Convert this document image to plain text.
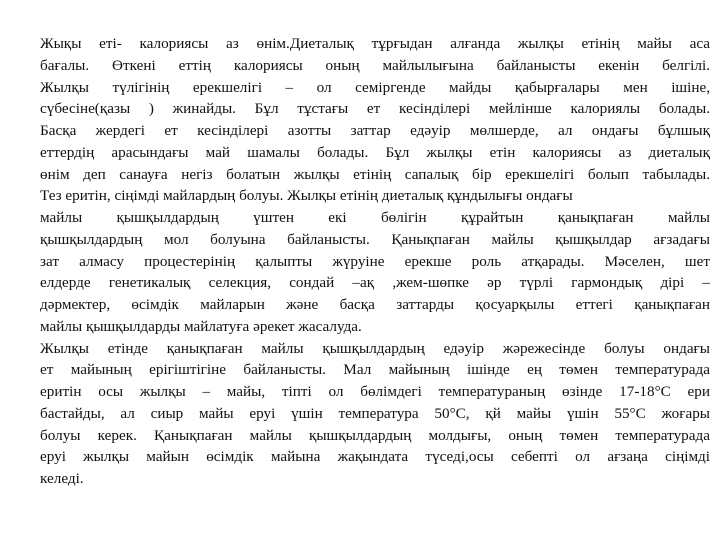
Жықы еті- калориясы аз өнім.Диеталық тұрғыдан алғанда жылқы етінің майы аса
бағалы. Өткені еттің калориясы оның майлылығына байланысты екенін белгілі.
Жылқы түлігінің ерекшелігі – ол семіргенде майды қабырғалары мен ішіне,
сүбесіне(қазы ) жинайды. Бұл тұстағы ет кесінділері мейлінше калориялы болады.
Басқа жердегі ет кесінділері азотты заттар едәуір мөлшерде, ал ондағы бұлшық
еттердің арасындағы май шамалы болады. Бұл жылқы етін калориясы аз диеталық
өнім деп санауға негіз болатын жылқы етінің сапалық бір ерекшелігі болып табылады.
Тез еритін, сіңімді майлардың болуы. Жылқы етінің диеталық құндылығы ондағы
майлы қышқылдардың үштен екі бөлігін құрайтын қанықпаған майлы
қышқылдардың мол болуына байланысты. Қанықпаған майлы қышқылдар ағзадағы
зат алмасу процестерінің қалыпты жүруіне ерекше роль атқарады. Мәселен, шет
елдерде генетикалық селекция, сондай –ақ ,жем-шөпке әр түрлі гармондық дірі –
дәрмектер, өсімдік майларын және басқа заттарды қосуарқылы еттегі қанықпаған
майлы қышқылдарды майлатуға әрекет жасалуда.
Жылқы етінде қанықпаған майлы қышқылдардың едәуір жәрежесінде болуы ондағы
ет майының ерігіштігіне байланысты. Мал майының ішінде ең төмен температурада
еритін осы жылқы – майы, тіпті ол бөлімдегі температураның өзінде 17-18°C ери
бастайды, ал сиыр майы еруі үшін температура 50°C, қй майы үшін 55°C жоғары
болуы керек. Қанықпаған майлы қышқылдардың молдығы, оның төмен температурада
еруі жылқы майын өсімдік майына жақындата түседі,осы себепті ол ағзаңа сіңімді
келеді.
